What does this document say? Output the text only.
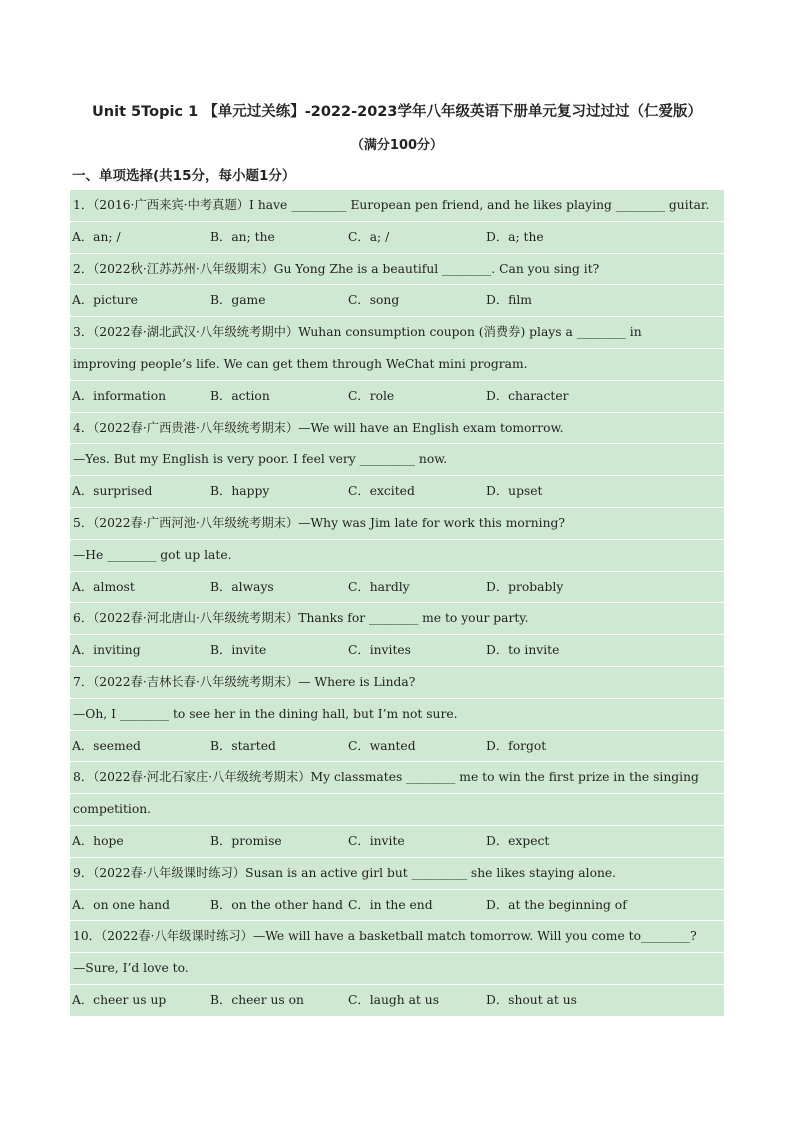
Unit 5Topic 1 【单元过关练】-2022-2023学年八年级英语下册单元复习过过过（仁爱版）
（满分100分）
一、单项选择(共15分，每小题1分）
1．（2016·广西来宾·中考真题）I have _________ European pen friend, and he likes playing ________ guitar.
A．an; /	B．an; the	C．a; /	D．a; the
2．（2022秋·江苏苏州·八年级期末）Gu Yong Zhe is a beautiful ________. Can you sing it?
A．picture	B．game	C．song	D．film
3．（2022春·湖北武汉·八年级统考期中）Wuhan consumption coupon (消费券) plays a ________ in
improving people’s life. We can get them through WeChat mini program.
A．information	B．action	C．role	D．character
4．（2022春·广西贵港·八年级统考期末）—We will have an English exam tomorrow.
—Yes. But my English is very poor. I feel very _________ now.
A．surprised	B．happy	C．excited	D．upset
5．（2022春·广西河池·八年级统考期末）—Why was Jim late for work this morning?
—He ________ got up late.
A．almost	B．always	C．hardly	D．probably
6．（2022春·河北唐山·八年级统考期末）Thanks for ________ me to your party.
A．inviting	B．invite	C．invites	D．to invite
7．（2022春·吉林长春·八年级统考期末）— Where is Linda?
—Oh, I ________ to see her in the dining hall, but I’m not sure.
A．seemed	B．started	C．wanted	D．forgot
8．（2022春·河北石家庄·八年级统考期末）My classmates ________ me to win the first prize in the singing
competition.
A．hope	B．promise	C．invite	D．expect
9．（2022春·八年级课时练习）Susan is an active girl but _________ she likes staying alone.
A．on one hand	B．on the other hand C．in the end	D．at the beginning of
10．（2022春·八年级课时练习）—We will have a basketball match tomorrow. Will you come to________?
—Sure, I’d love to.
A．cheer us up	B．cheer us on	C．laugh at us	D．shout at us
